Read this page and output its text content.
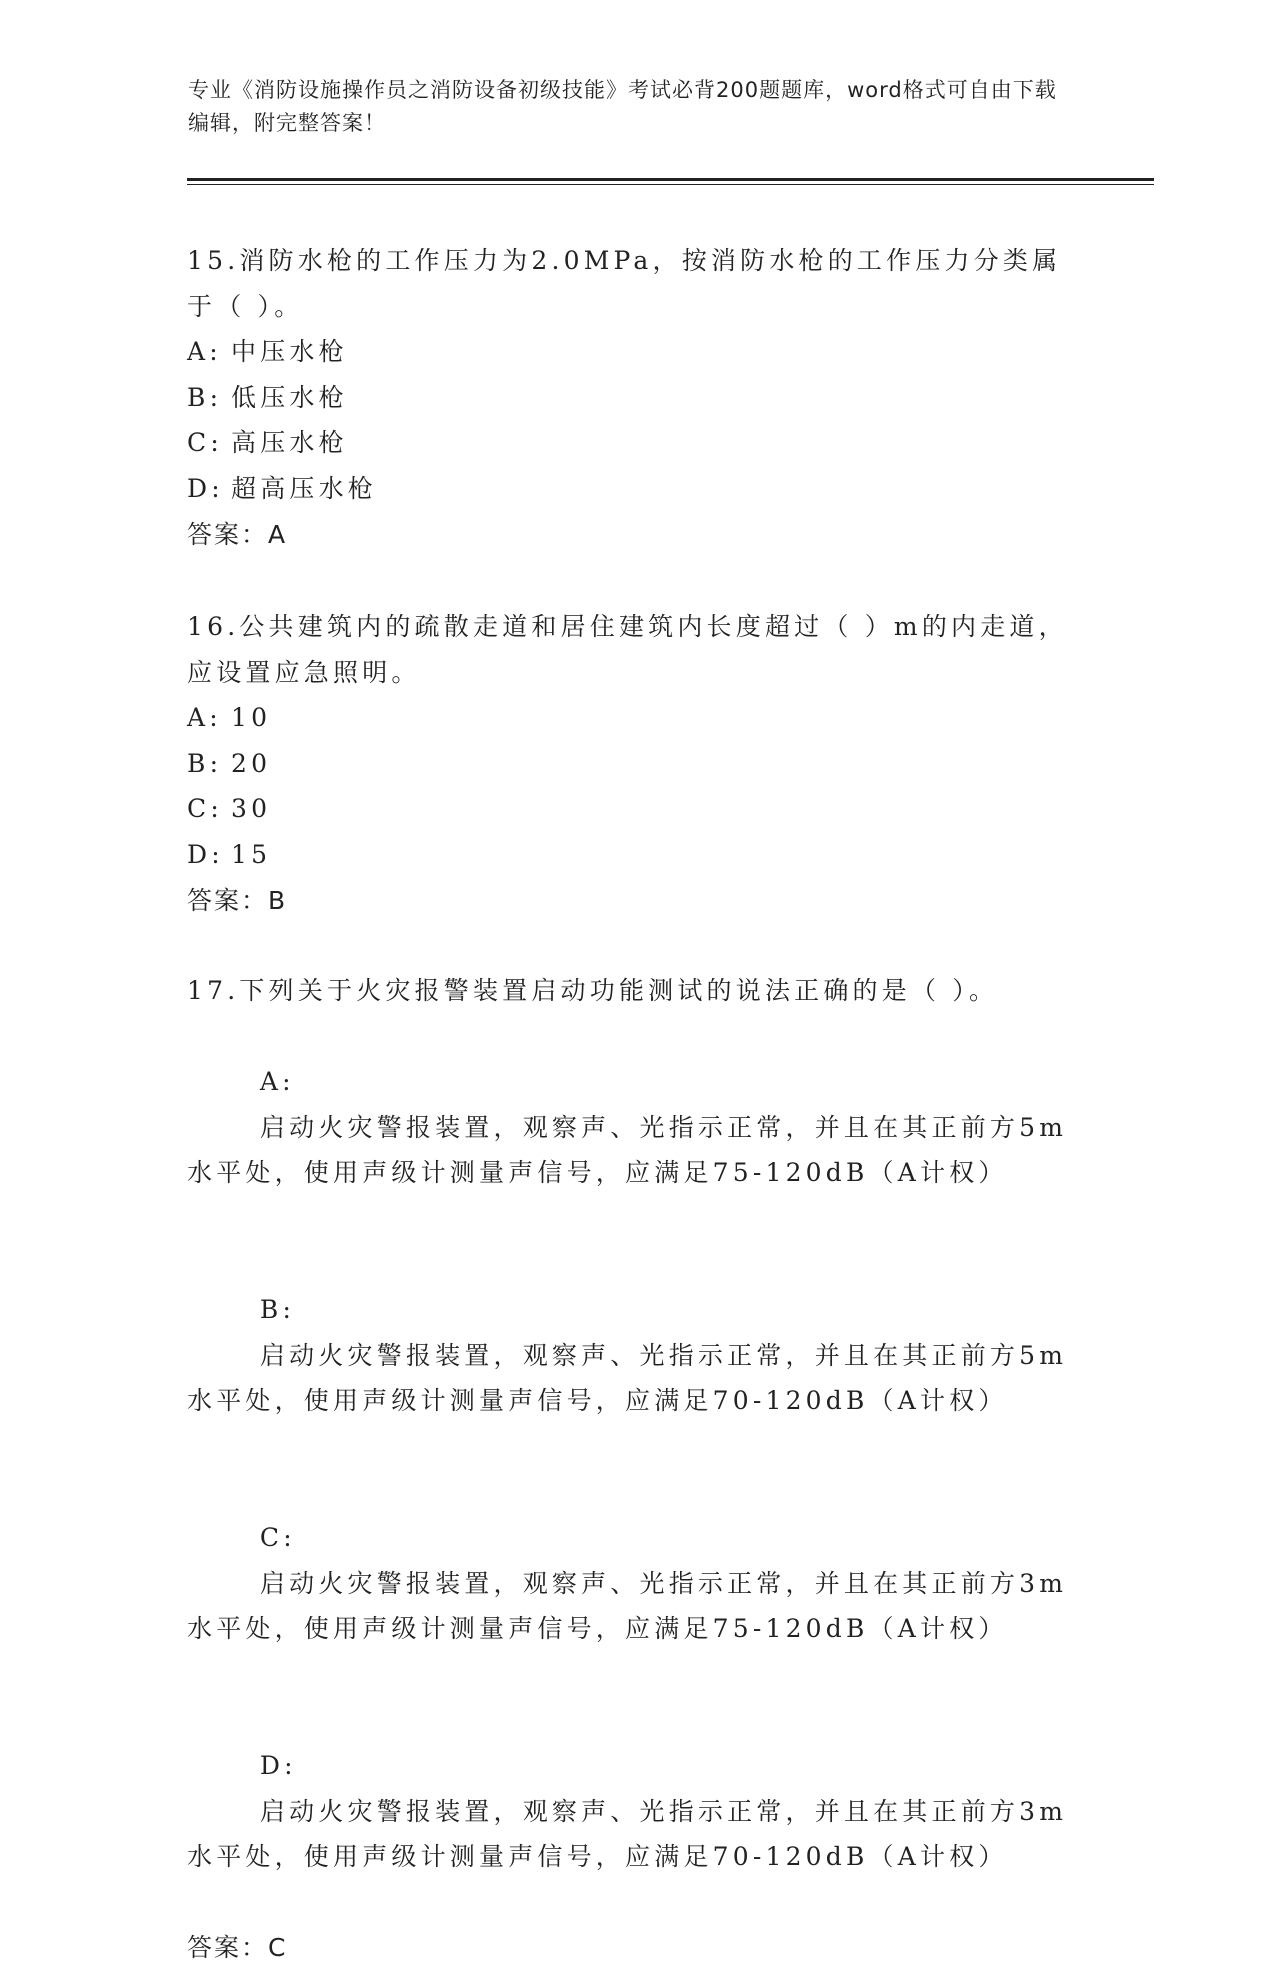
专业《消防设施操作员之消防设备初级技能》考试必背200题题库，word格式可自由下载编辑，附完整答案！
15.消防水枪的工作压力为2.0MPa，按消防水枪的工作压力分类属于（ ）。
A: 中压水枪
B: 低压水枪
C: 高压水枪
D: 超高压水枪
答案：A
16.公共建筑内的疏散走道和居住建筑内长度超过（ ）m的内走道，应设置应急照明。
A: 10
B: 20
C: 30
D: 15
答案：B
17.下列关于火灾报警装置启动功能测试的说法正确的是（ ）。

A:
启动火灾警报装置，观察声、光指示正常，并且在其正前方5m水平处，使用声级计测量声信号，应满足75-120dB（A计权）

B:
启动火灾警报装置，观察声、光指示正常，并且在其正前方5m水平处，使用声级计测量声信号，应满足70-120dB（A计权）

C:
启动火灾警报装置，观察声、光指示正常，并且在其正前方3m水平处，使用声级计测量声信号，应满足75-120dB（A计权）

D:
启动火灾警报装置，观察声、光指示正常，并且在其正前方3m水平处，使用声级计测量声信号，应满足70-120dB（A计权）

答案：C
